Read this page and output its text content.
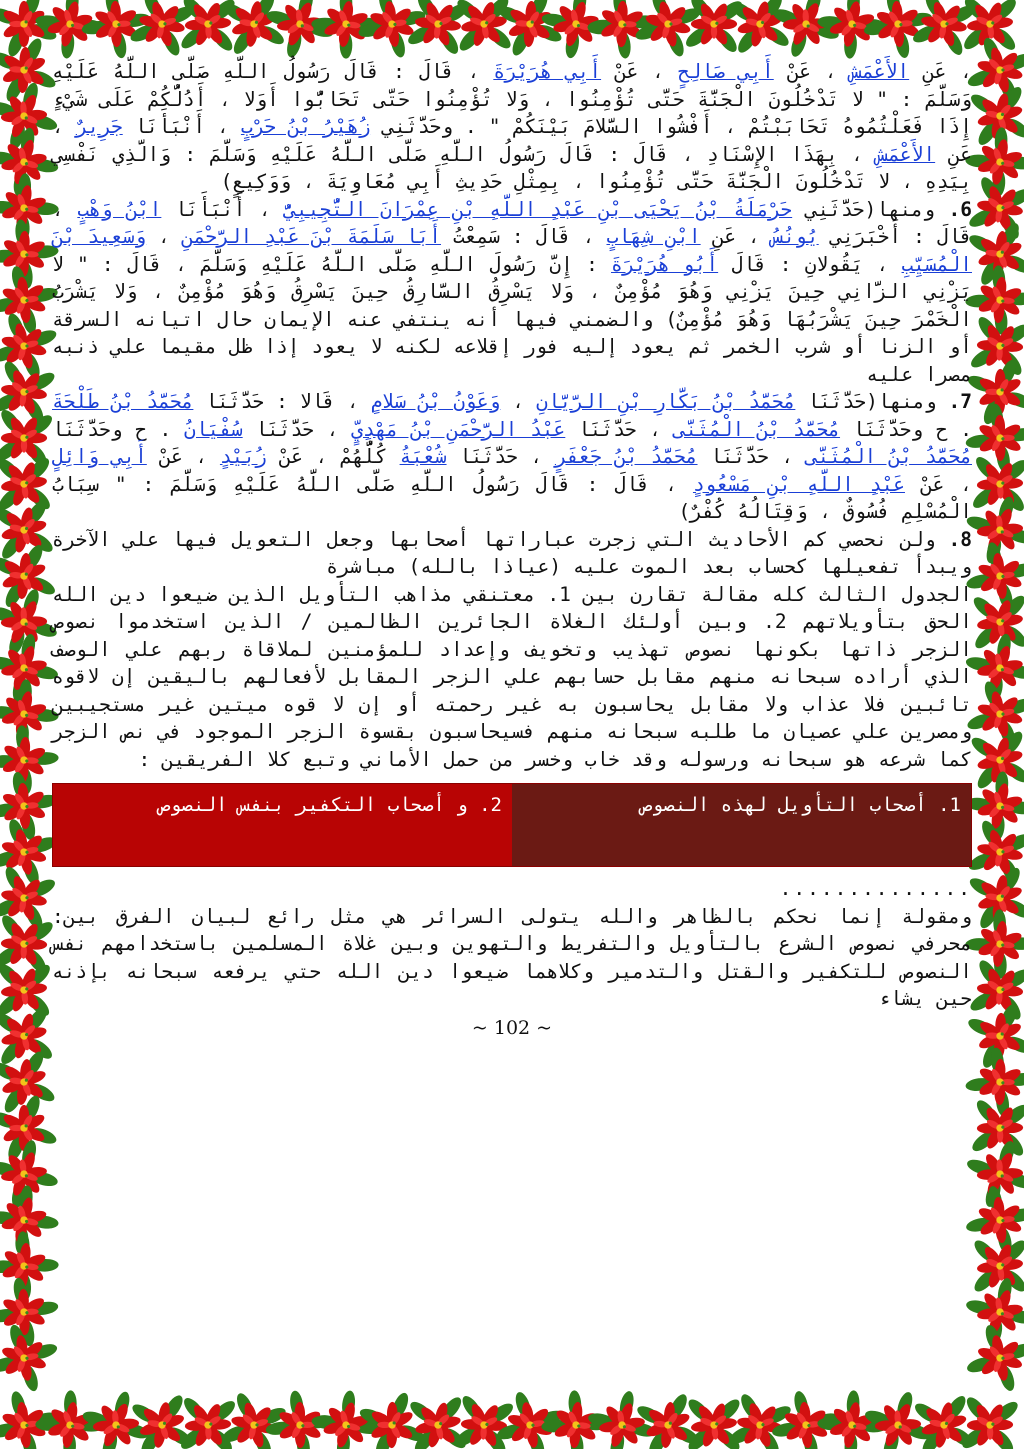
، عَنِ الأَعْمَشِ ، عَنْ أَبِي صَالِحٍ ، عَنْ أَبِي هُرَيْرَةَ ، قَالَ : قَالَ رَسُولُ اللَّهِ صَلَّى اللَّهُ عَلَيْهِ وَسَلَّمَ : " لا تَدْخُلُونَ الْجَنَّةَ حَتَّى تُؤْمِنُوا ، وَلا تُؤْمِنُوا حَتَّى تَحَابُّوا أَوَلا ، أَدُلُّكُمْ عَلَى شَيْءٍ إِذَا فَعَلْتُمُوهُ تَحَابَبْتُمْ ، أَفْشُوا السَّلامَ بَيْنَكُمْ " . وحَدَّثَنِي زُهَيْرُ بْنُ حَرْبٍ ، أَنْبَأَنَا جَرِيرٌ ، عَنِ الأَعْمَشِ ، بِهَذَا الإِسْنَادِ ، قَالَ : قَالَ رَسُولُ اللَّهِ صَلَّى اللَّهُ عَلَيْهِ وَسَلَّمَ : وَالَّذِي نَفْسِي بِيَدِهِ ، لا تَدْخُلُونَ الْجَنَّةَ حَتَّى تُؤْمِنُوا ، بِمِثْلِ حَدِيثِ أَبِي مُعَاوِيَةَ ، وَوَكِيعٍ)

6. ومنها(حَدَّثَنِي حَرْمَلَةُ بْنُ يَحْيَى بْنِ عَبْدِ اللَّهِ بْنِ عِمْرَانَ التُّجِيبِيُّ ، أَنْبَأَنَا ابْنُ وَهْبٍ ، قَالَ : أَخْبَرَنِي يُونُسُ ، عَنِ ابْنِ شِهَابٍ ، قَالَ : سَمِعْتُ أَبَا سَلَمَةَ بْنَ عَبْدِ الرَّحْمَنِ ، وَسَعِيدَ بْنَ الْمُسَيِّبِ ، يَقُولانِ : قَالَ أَبُو هُرَيْرَةَ : إِنَّ رَسُولَ اللَّهِ صَلَّى اللَّهُ عَلَيْهِ وَسَلَّمَ ، قَالَ : " لا يَزْنِي الزَّانِي حِينَ يَزْنِي وَهُوَ مُؤْمِنٌ ، وَلا يَسْرِقُ السَّارِقُ حِينَ يَسْرِقُ وَهُوَ مُؤْمِنٌ ، وَلا يَشْرَبُ الْخَمْرَ حِينَ يَشْرَبُهَا وَهُوَ مُؤْمِنٌ) والضمني فيها أنه ينتفي عنه الإيمان حال اتيانه السرقة أو الزنا أو شرب الخمر ثم يعود إليه فور إقلاعه لكنه لا يعود إذا ظل مقيما علي ذنبه مصرا عليه

7. ومنها(حَدَّثَنَا مُحَمَّدُ بْنُ بَكَّارِ بْنِ الرَّيَّانِ ، وَعَوْنُ بْنُ سَلامٍ ، قَالا : حَدَّثَنَا مُحَمَّدُ بْنُ طَلْحَةَ . ح وحَدَّثَنَا مُحَمَّدُ بْنُ الْمُثَنَّى ، حَدَّثَنَا عَبْدُ الرَّحْمَنِ بْنُ مَهْدِيٍّ ، حَدَّثَنَا سُفْيَانُ . ح وحَدَّثَنَا مُحَمَّدُ بْنُ الْمُثَنَّى ، حَدَّثَنَا مُحَمَّدُ بْنُ جَعْفَرٍ ، حَدَّثَنَا شُعْبَةُ كُلُّهُمْ ، عَنْ زُبَيْدٍ ، عَنْ أَبِي وَائِلٍ ، عَنْ عَبْدِ اللَّهِ بْنِ مَسْعُودٍ ، قَالَ : قَالَ رَسُولُ اللَّهِ صَلَّى اللَّهُ عَلَيْهِ وَسَلَّمَ : " سِبَابُ الْمُسْلِمِ فُسُوقٌ ، وَقِتَالُهُ كُفْرٌ)

8. ولن نحصي كم الأحاديث التي زجرت عباراتها أصحابها وجعل التعويل فيها علي الآخرة ويبدأ تفعيلها كحساب بعد الموت عليه (عياذا بالله) مباشرة

الجدول الثالث كله مقالة تقارن بين 1. معتنقي مذاهب التأويل الذين ضيعوا دين الله الحق بتأويلاتهم 2. وبين أولئك الغلاة الجائرين الظالمين / الذين استخدموا نصوص الزجر ذاتها بكونها نصوص تهذيب وتخويف وإعداد للمؤمنين لملاقاة ربهم علي الوصف الذي أراده سبحانه منهم مقابل حسابهم علي الزجر المقابل لأفعالهم باليقين إن لاقوه تائبين فلا عذاب ولا مقابل يحاسبون به غير رحمته أو إن لا قوه ميتين غير مستجيبين ومصرين علي عصيان ما طلبه سبحانه منهم فسيحاسبون بقسوة الزجر الموجود في نص الزجر كما شرعه هو سبحانه ورسوله وقد خاب وخسر من حمل الأماني وتبع كلا الفريقين :

1. أصحاب التأويل لهذه النصوص
2. و أصحاب التكفير بنفس النصوص
..............

ومقولة إنما نحكم بالظاهر والله يتولى السرائر هي مثل رائع لبيان الفرق بين: محرفي نصوص الشرع بالتأويل والتفريط والتهوين وبين غلاة المسلمين باستخدامهم نفس النصوص للتكفير والقتل والتدمير وكلاهما ضيعوا دين الله حتي يرفعه سبحانه بإذنه حين يشاء

~ 102 ~
